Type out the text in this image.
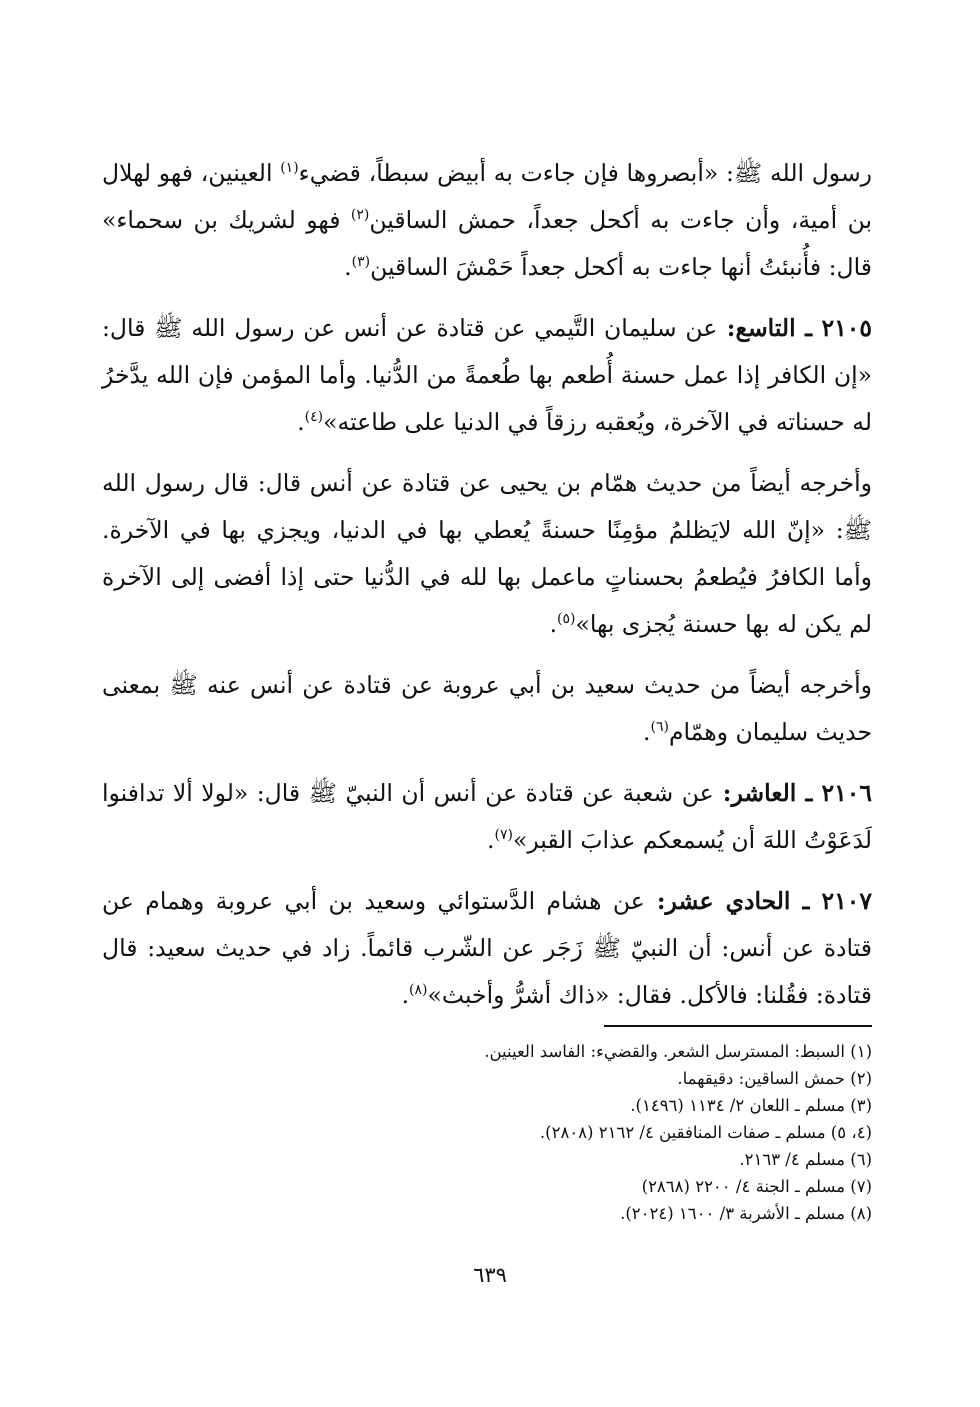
رسول الله ﷺ: «أبصروها فإن جاءت به أبيض سبطاً، قضيء$^{(١)}$ العينين، فهو لهلال بن أمية، وأن جاءت به أكحل جعداً، حمش الساقين$^{(٢)}$ فهو لشريك بن سحماء» قال: فأُنبئتُ أنها جاءت به أكحل جعداً حَمْشَ الساقين$^{(٣)}$.

٢١٠٥ ـ التاسع: عن سليمان التَّيمي عن قتادة عن أنس عن رسول الله ﷺ قال: «إن الكافر إذا عمل حسنة أُطعم بها طُعمةً من الدُّنيا. وأما المؤمن فإن الله يدَّخرُ له حسناته في الآخرة، ويُعقبه رزقاً في الدنيا على طاعته»$^{(٤)}$.

وأخرجه أيضاً من حديث همّام بن يحيى عن قتادة عن أنس قال: قال رسول الله ﷺ: «إنّ الله لايَظلمُ مؤمِنًا حسنةً يُعطي بها في الدنيا، ويجزي بها في الآخرة. وأما الكافرُ فيُطعمُ بحسناتٍ ماعمل بها لله في الدُّنيا حتى إذا أفضى إلى الآخرة لم يكن له بها حسنة يُجزى بها»$^{(٥)}$.

وأخرجه أيضاً من حديث سعيد بن أبي عروبة عن قتادة عن أنس عنه ﷺ بمعنى حديث سليمان وهمّام$^{(٦)}$.

٢١٠٦ ـ العاشر: عن شعبة عن قتادة عن أنس أن النبيّ ﷺ قال: «لولا ألا تدافنوا لَدَعَوْتُ اللهَ أن يُسمعكم عذابَ القبر»$^{(٧)}$.

٢١٠٧ ـ الحادي عشر: عن هشام الدَّستوائي وسعيد بن أبي عروبة وهمام عن قتادة عن أنس: أن النبيّ ﷺ زَجَر عن الشّرب قائماً. زاد في حديث سعيد: قال قتادة: فقُلنا: فالأكل. فقال: «ذاك أشرُّ وأخبث»$^{(٨)}$.

(١) السبط: المسترسل الشعر. والقضيء: الفاسد العينين.

(٢) حمش الساقين: دقيقهما.

(٣) مسلم ـ اللعان ٢/ ١١٣٤ (١٤٩٦).

(٤، ٥) مسلم ـ صفات المنافقين ٤/ ٢١٦٢ (٢٨٠٨).

(٦) مسلم ٤/ ٢١٦٣.

(٧) مسلم ـ الجنة ٤/ ٢٢٠٠ (٢٨٦٨)

(٨) مسلم ـ الأشربة ٣/ ١٦٠٠ (٢٠٢٤).

٦٣٩
